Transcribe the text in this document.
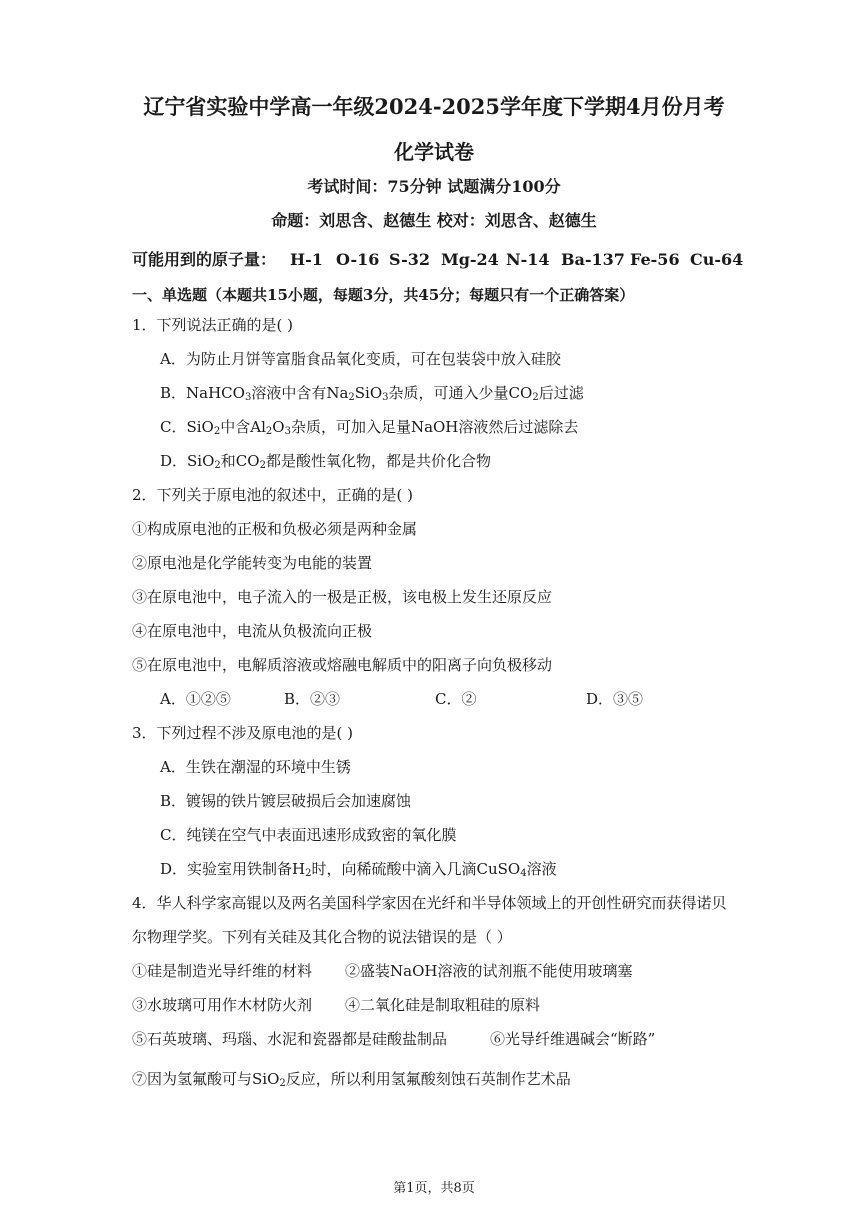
辽宁省实验中学高一年级2024-2025学年度下学期4月份月考
化学试卷
考试时间：75分钟 试题满分100分
命题：刘思含、赵德生 校对：刘思含、赵德生
可能用到的原子量： H-1 O-16 S-32 Mg-24 N-14 Ba-137 Fe-56 Cu-64
一、单选题（本题共15小题，每题3分，共45分；每题只有一个正确答案）
1．下列说法正确的是( )
A．为防止月饼等富脂食品氧化变质，可在包装袋中放入硅胶
B．NaHCO$_3$溶液中含有$Na_2SiO_3$杂质，可通入少量$CO_2$后过滤
C．SiO$_2$中含$Al_2O_3$杂质，可加入足量NaOH溶液然后过滤除去
D．SiO$_2$和$CO_2$都是酸性氧化物，都是共价化合物
2．下列关于原电池的叙述中，正确的是( )
①构成原电池的正极和负极必须是两种金属
②原电池是化学能转变为电能的装置
③在原电池中，电子流入的一极是正极，该电极上发生还原反应
④在原电池中，电流从负极流向正极
⑤在原电池中，电解质溶液或熔融电解质中的阳离子向负极移动
A．①②⑤	B．②③	C．②	D．③⑤
3．下列过程不涉及原电池的是( )
A．生铁在潮湿的环境中生锈
B．镀锡的铁片镀层破损后会加速腐蚀
C．纯镁在空气中表面迅速形成致密的氧化膜
D．实验室用铁制备$H_2$时，向稀硫酸中滴入几滴CuSO$_4$溶液
4．华人科学家高锟以及两名美国科学家因在光纤和半导体领域上的开创性研究而获得诺贝
尔物理学奖。下列有关硅及其化合物的说法错误的是（ ）
①硅是制造光导纤维的材料 ②盛装NaOH溶液的试剂瓶不能使用玻璃塞
③水玻璃可用作木材防火剂 ④二氧化硅是制取粗硅的原料
⑤石英玻璃、玛瑙、水泥和瓷器都是硅酸盐制品	⑥光导纤维遇碱会“断路”
⑦因为氢氟酸可与SiO$_2$反应，所以利用氢氟酸刻蚀石英制作艺术品
第1页，共8页
